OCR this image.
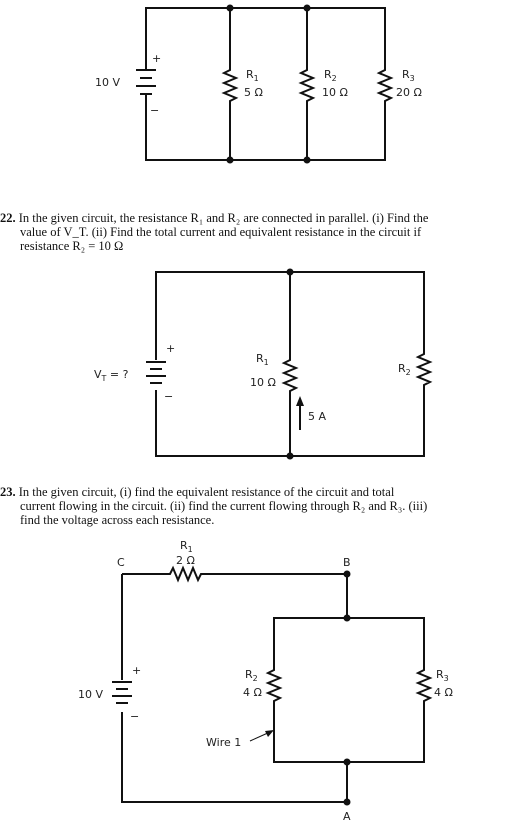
+
−
10 V
$R_1$
5 Ω
$R_2$
10 Ω
$R_3$
20 Ω
+
−
$V_T$ = ?
$R_1$
10 Ω
$R_2$
5 A
$R_1$
2 Ω
C	B
A
+
−
10 V
$R_2$
4 Ω
$R_3$
4 Ω
Wire 1
22. In the given circuit, the resistance R₁ and R₂ are connected in parallel. (i) Find the
value of V_T. (ii) Find the total current and equivalent resistance in the circuit if
resistance R₂ = 10 Ω
23. In the given circuit, (i) find the equivalent resistance of the circuit and total
current flowing in the circuit. (ii) find the current flowing through R₂ and R₃. (iii)
find the voltage across each resistance.
